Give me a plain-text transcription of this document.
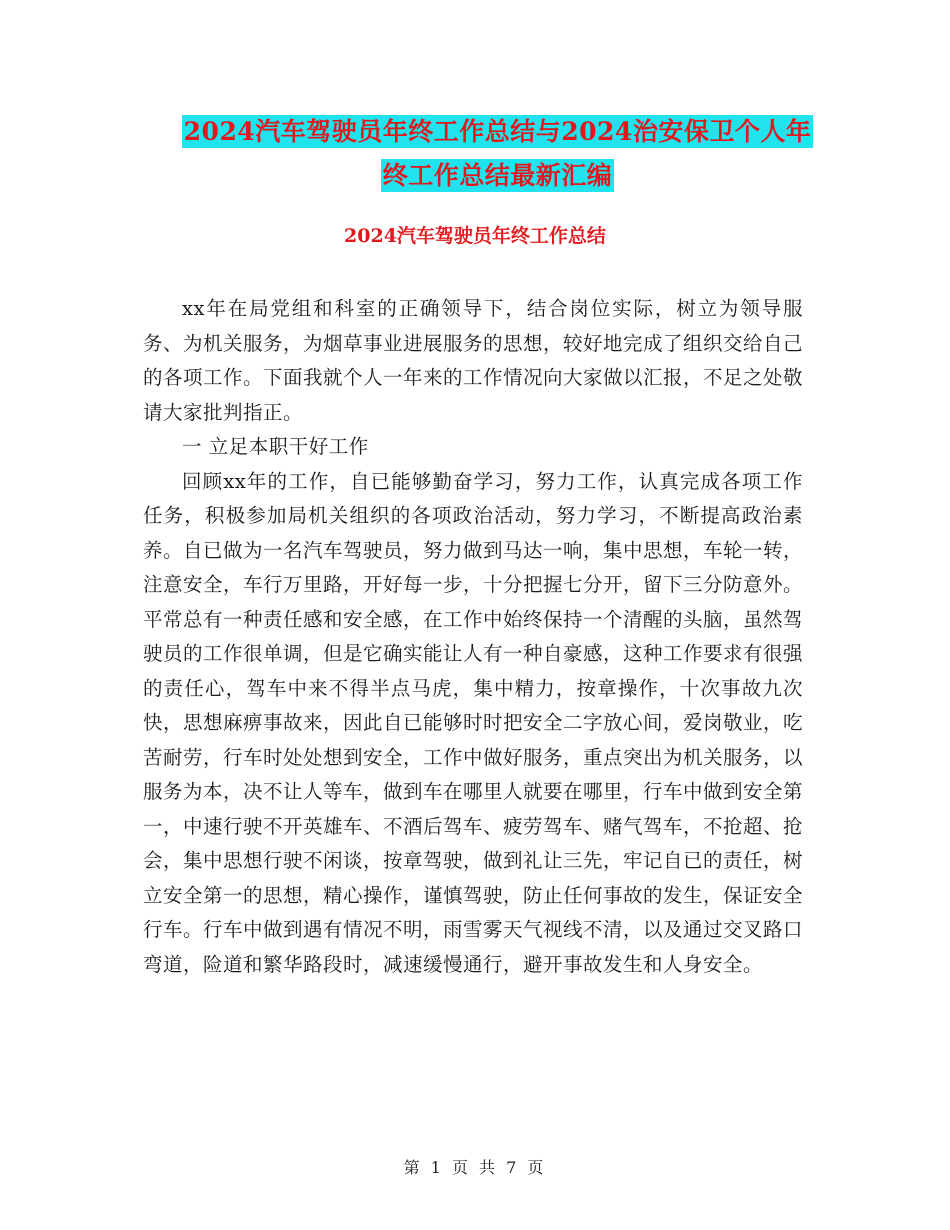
2024汽车驾驶员年终工作总结与2024治安保卫个人年
终工作总结最新汇编
2024汽车驾驶员年终工作总结

xx年在局党组和科室的正确领导下，结合岗位实际，树立为领导服务、为机关服务，为烟草事业进展服务的思想，较好地完成了组织交给自己的各项工作。下面我就个人一年来的工作情况向大家做以汇报，不足之处敬请大家批判指正。

一 立足本职干好工作

回顾xx年的工作，自已能够勤奋学习，努力工作，认真完成各项工作任务，积极参加局机关组织的各项政治活动，努力学习，不断提高政治素养。自已做为一名汽车驾驶员，努力做到马达一响，集中思想，车轮一转，注意安全，车行万里路，开好每一步，十分把握七分开，留下三分防意外。平常总有一种责任感和安全感，在工作中始终保持一个清醒的头脑，虽然驾驶员的工作很单调，但是它确实能让人有一种自豪感，这种工作要求有很强的责任心，驾车中来不得半点马虎，集中精力，按章操作，十次事故九次快，思想麻痹事故来，因此自已能够时时把安全二字放心间，爱岗敬业，吃苦耐劳，行车时处处想到安全，工作中做好服务，重点突出为机关服务，以服务为本，决不让人等车，做到车在哪里人就要在哪里，行车中做到安全第一，中速行驶不开英雄车、不酒后驾车、疲劳驾车、赌气驾车，不抢超、抢会，集中思想行驶不闲谈，按章驾驶，做到礼让三先，牢记自已的责任，树立安全第一的思想，精心操作，谨慎驾驶，防止任何事故的发生，保证安全行车。行车中做到遇有情况不明，雨雪雾天气视线不清，以及通过交叉路口弯道，险道和繁华路段时，减速缓慢通行，避开事故发生和人身安全。

第 1 页 共 7 页
